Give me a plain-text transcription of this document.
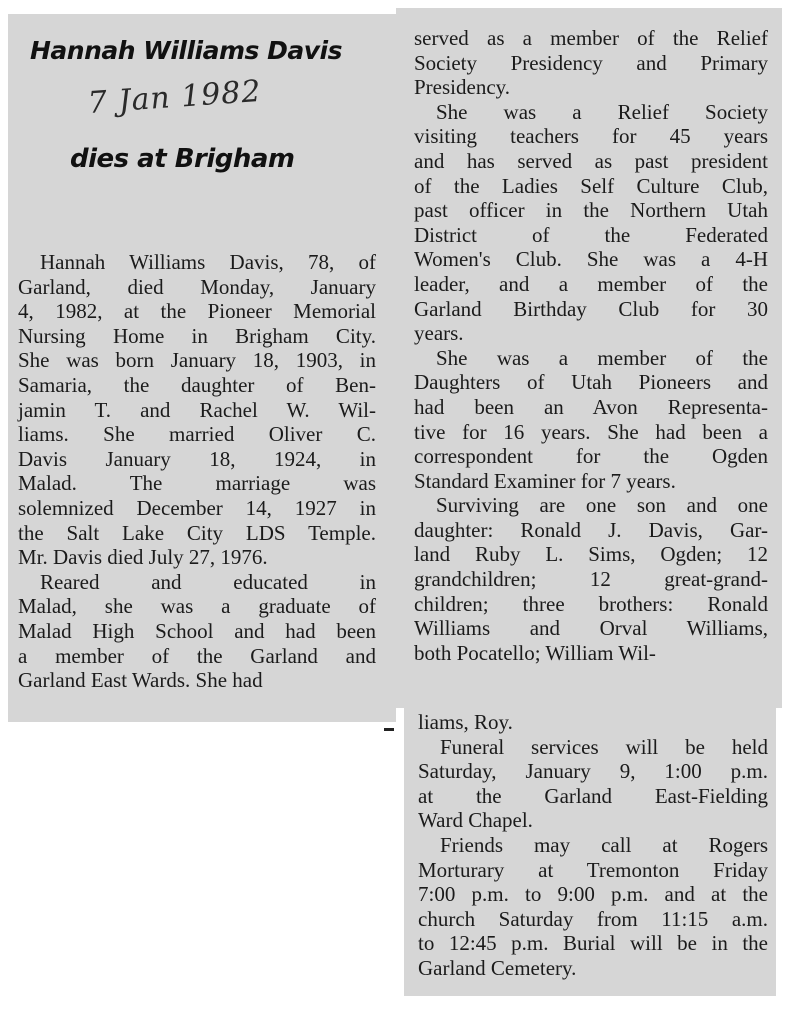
Hannah Williams Davis
7 Jan 1982
dies at Brigham
Hannah Williams Davis, 78, of
Garland, died Monday, January
4, 1982, at the Pioneer Memorial
Nursing Home in Brigham City.
She was born January 18, 1903, in
Samaria, the daughter of Ben-
jamin T. and Rachel W. Wil-
liams. She married Oliver C.
Davis January 18, 1924, in
Malad. The marriage was
solemnized December 14, 1927 in
the Salt Lake City LDS Temple.
Mr. Davis died July 27, 1976.
Reared and educated in
Malad, she was a graduate of
Malad High School and had been
a member of the Garland and
Garland East Wards. She had
served as a member of the Relief
Society Presidency and Primary
Presidency.
She was a Relief Society
visiting teachers for 45 years
and has served as past president
of the Ladies Self Culture Club,
past officer in the Northern Utah
District of the Federated
Women's Club. She was a 4-H
leader, and a member of the
Garland Birthday Club for 30
years.
She was a member of the
Daughters of Utah Pioneers and
had been an Avon Representa-
tive for 16 years. She had been a
correspondent for the Ogden
Standard Examiner for 7 years.
Surviving are one son and one
daughter: Ronald J. Davis, Gar-
land Ruby L. Sims, Ogden; 12
grandchildren; 12 great-grand-
children; three brothers: Ronald
Williams and Orval Williams,
both Pocatello; William Wil-
liams, Roy.
Funeral services will be held
Saturday, January 9, 1:00 p.m.
at the Garland East-Fielding
Ward Chapel.
Friends may call at Rogers
Morturary at Tremonton Friday
7:00 p.m. to 9:00 p.m. and at the
church Saturday from 11:15 a.m.
to 12:45 p.m. Burial will be in the
Garland Cemetery.
